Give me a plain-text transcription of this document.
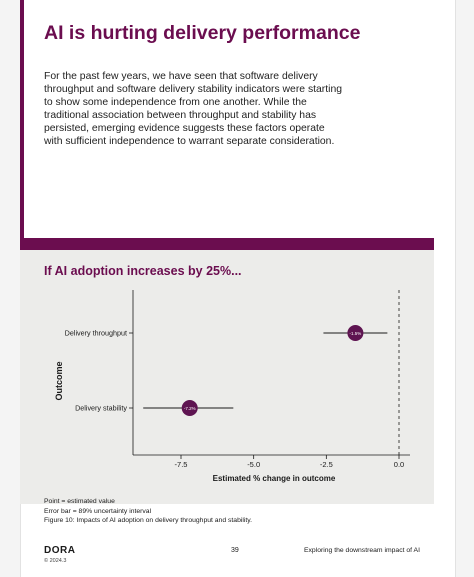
AI is hurting delivery performance

For the past few years, we have seen that software delivery throughput and software delivery stability indicators were starting to show some independence from one another. While the traditional association between throughput and stability has persisted, emerging evidence suggests these factors operate with sufficient independence to warrant separate consideration.

If AI adoption increases by 25%...
-7.5	-5.0	-2.5	0.0
Estimated % change in outcome
Outcome
Delivery throughput	-1.5%
Delivery stability	-7.2%
Point = estimated value
Error bar = 89% uncertainty interval
Figure 10: Impacts of AI adoption on delivery throughput and stability.
DORA
© 2024.3
39	Exploring the downstream impact of AI
